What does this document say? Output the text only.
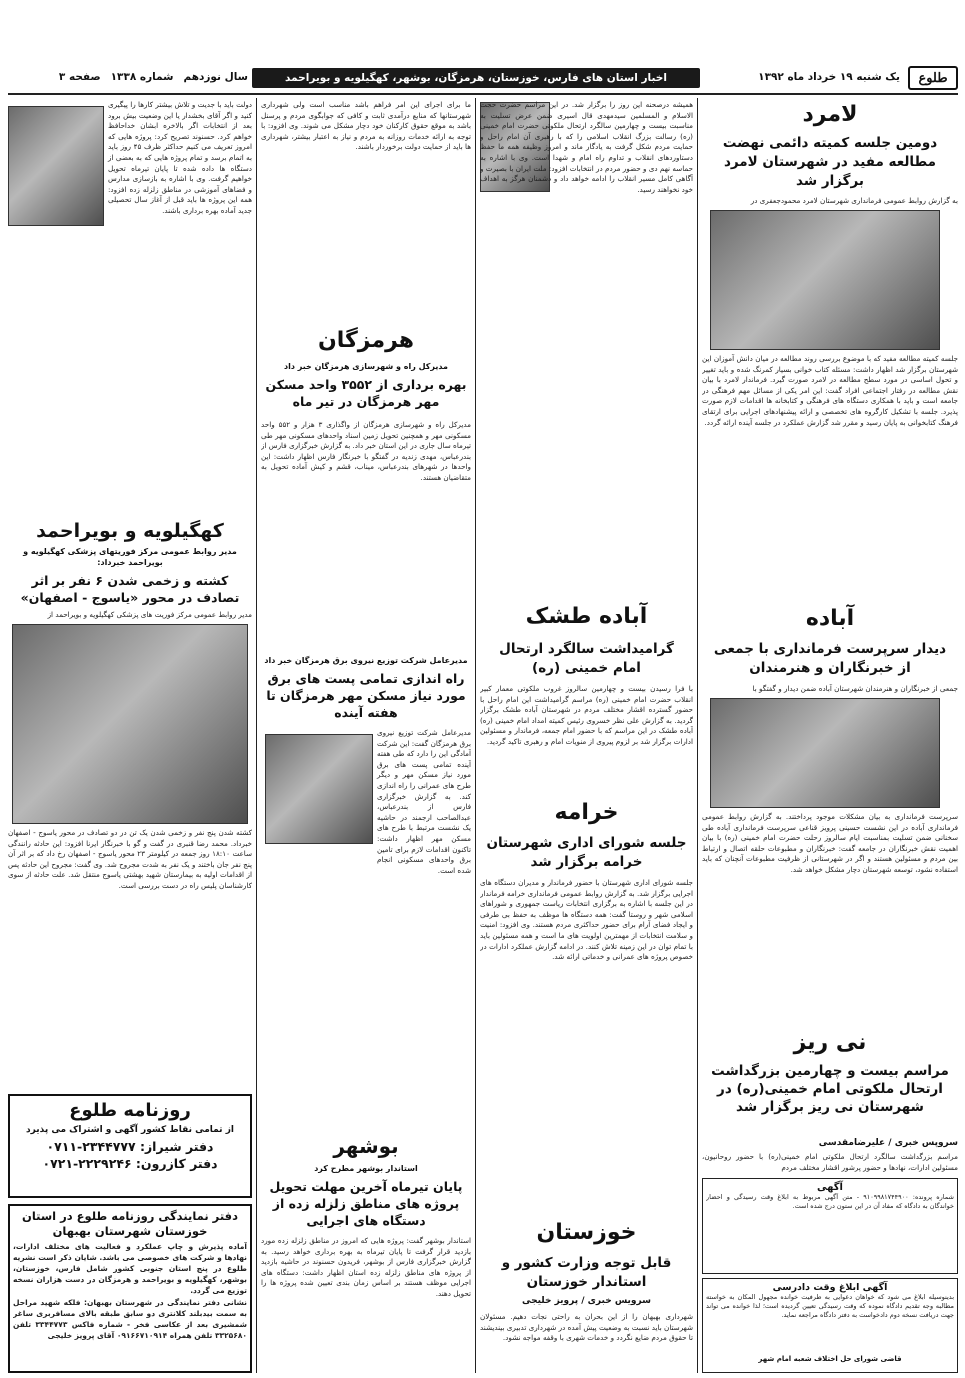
طلوع
یک شنبه ۱۹ خرداد ماه ۱۳۹۲
اخبار استان های فارس، خوزستان، هرمزگان، بوشهر، کهگیلویه و بویراحمد
سال نوزدهم
شماره ۱۳۳۸
صفحه ۳
لامرد
دومین جلسه کمیته دائمی نهضت مطالعه مفید در شهرستان لامرد برگزار شد
به گزارش روابط عمومی فرمانداری شهرستان لامرد محمودجعفری در
جلسه کمیته مطالعه مفید که با موضوع بررسی روند مطالعه در میان دانش آموزان این شهرستان برگزار شد اظهار داشت: مسئله کتاب خوانی بسیار کمرنگ شده و باید تغییر و تحول اساسی در مورد سطح مطالعه در لامرد صورت گیرد. فرماندار لامرد با بیان نقش مطالعه در رفتار اجتماعی افراد گفت: این امر یکی از مسائل مهم فرهنگی در جامعه است و باید با همکاری دستگاه های فرهنگی و کتابخانه ها اقدامات لازم صورت پذیرد. جلسه با تشکیل کارگروه های تخصصی و ارائه پیشنهادهای اجرایی برای ارتقای فرهنگ کتابخوانی به پایان رسید و مقرر شد گزارش عملکرد در جلسه آینده ارائه گردد.
آباده
دیدار سرپرست فرمانداری با جمعی از خبرنگاران و هنرمندان
جمعی از خبرنگاران و هنرمندان شهرستان آباده ضمن دیدار و گفتگو با
سرپرست فرمانداری به بیان مشکلات موجود پرداختند. به گزارش روابط عمومی فرمانداری آباده در این نشست حسینی پرویز قناعی سرپرست فرمانداری آباده طی سخنانی ضمن تسلیت بمناسبت ایام سالروز رحلت حضرت امام خمینی (ره) با بیان اهمیت نقش خبرنگاران در جامعه گفت: خبرنگاران و مطبوعات حلقه اتصال و ارتباط بین مردم و مسئولین هستند و اگر در شهرستانی از ظرفیت مطبوعات آنچنان که باید استفاده نشود، توسعه شهرستان دچار مشکل خواهد شد.
نی ریز
مراسم بیست و چهارمین بزرگداشت ارتحال ملکوتی امام خمینی(ره) در شهرستان نی ریز برگزار شد
سروپس خبری / علیرضامقدسی
مراسم بزرگداشت سالگرد ارتحال ملکوتی امام خمینی(ره) با حضور روحانیون، مسئولین ادارات، نهادها و حضور پرشور اقشار مختلف مردم
آگهی
شماره پرونده: ۹۱۰۹۹۸۱۷۴۴۹۰۰ - متن آگهی مربوط به ابلاغ وقت رسیدگی و احضار خواندگان به دادگاه که مفاد آن در این ستون درج شده است.
آگهی ابلاغ وقت دادرسی
بدینوسیله ابلاغ می شود که خواهان دعوایی به طرفیت خوانده مجهول المکان به خواسته مطالبه وجه تقدیم دادگاه نموده که وقت رسیدگی تعیین گردیده است؛ لذا خوانده می تواند جهت دریافت نسخه دوم دادخواست به دفتر دادگاه مراجعه نماید.
قاضی شورای حل اختلاف شعبه امام شهر
همیشه درصحنه این روز را برگزار شد. در این مراسم حضرت حجت الاسلام و المسلمین سیدمهدی قال اسیری ضمن عرض تسلیت به مناسبت بیست و چهارمین سالگرد ارتحال ملکوتی حضرت امام خمینی (ره) رسالت بزرگ انقلاب اسلامی را که با رهبری آن امام راحل و حمایت مردم شکل گرفت به یادگار ماند و امروز وظیفه همه ما حفظ دستاوردهای انقلاب و تداوم راه امام و شهدا است. وی با اشاره به حماسه نهم دی و حضور مردم در انتخابات افزود: ملت ایران با بصیرت و آگاهی کامل مسیر انقلاب را ادامه خواهد داد و دشمنان هرگز به اهداف خود نخواهند رسید.
آباده طشک
گرامیداشت سالگرد ارتحال امام خمینی (ره)
با فرا رسیدن بیست و چهارمین سالروز غروب ملکوتی معمار کبیر انقلاب حضرت امام خمینی (ره) مراسم گرامیداشت این امام راحل با حضور گسترده اقشار مختلف مردم در شهرستان آباده طشک برگزار گردید. به گزارش علی نظر خسروی رئیس کمیته امداد امام خمینی (ره) آباده طشک در این مراسم که با حضور امام جمعه، فرماندار و مسئولین ادارات برگزار شد بر لزوم پیروی از منویات امام و رهبری تاکید گردید.
خرامه
جلسه شورای اداری شهرستان خرامه برگزار شد
جلسه شورای اداری شهرستان با حضور فرماندار و مدیران دستگاه های اجرایی برگزار شد. به گزارش روابط عمومی فرمانداری خرامه فرماندار در این جلسه با اشاره به برگزاری انتخابات ریاست جمهوری و شوراهای اسلامی شهر و روستا گفت: همه دستگاه ها موظف به حفظ بی طرفی و ایجاد فضای آرام برای حضور حداکثری مردم هستند. وی افزود: امنیت و سلامت انتخابات از مهمترین اولویت های ما است و همه مسئولین باید با تمام توان در این زمینه تلاش کنند. در ادامه گزارش عملکرد ادارات در خصوص پروژه های عمرانی و خدماتی ارائه شد.
خوزستان
قابل توجه وزارت کشور و استاندار خوزستان
سرویس خبری / پرویز خلیجی
شهرداری بهبهان را از این بحران به راحتی نجات دهیم. مسئولان شهرستان باید نسبت به وضعیت پیش آمده در شهرداری تدبیری بیندیشند تا حقوق مردم ضایع نگردد و خدمات شهری با وقفه مواجه نشود.
ما برای اجرای این امر فراهم باشد مناسب است ولی شهرداری شهرستانها که منابع درآمدی ثابت و کافی که جوابگوی مردم و پرسنل باشد به موقع حقوق کارکنان خود دچار مشکل می شوند. وی افزود: با توجه به ارائه خدمات روزانه به مردم و نیاز به اعتبار بیشتر، شهرداری ها باید از حمایت دولت برخوردار باشند.
هرمزگان
مدیرکل راه و شهرسازی هرمزگان خبر داد
بهره برداری از ۳۵۵۲ واحد مسکن مهر هرمزگان در تیر ماه
مدیرکل راه و شهرسازی هرمزگان از واگذاری ۳ هزار و ۵۵۲ واحد مسکونی مهر و همچنین تحویل زمین اسناد واحدهای مسکونی مهر طی تیرماه سال جاری در این استان خبر داد. به گزارش خبرگزاری فارس از بندرعباس، مهدی زندیه در گفتگو با خبرنگار فارس اظهار داشت: این واحدها در شهرهای بندرعباس، میناب، قشم و کیش آماده تحویل به متقاضیان هستند.
مدیرعامل شرکت توزیع نیروی برق هرمزگان خبر داد
راه اندازی تمامی پست های برق مورد نیاز مسکن مهر هرمزگان تا هفته آینده
مدیرعامل شرکت توزیع نیروی برق هرمزگان گفت: این شرکت آمادگی این را دارد که طی هفته آینده تمامی پست های برق مورد نیاز مسکن مهر و دیگر طرح های عمرانی را راه اندازی کند. به گزارش خبرگزاری فارس از بندرعباس، عبدالصاحب ارجمند در حاشیه یک نشست مرتبط با طرح های مسکن مهر اظهار داشت: تاکنون اقدامات لازم برای تامین برق واحدهای مسکونی انجام شده است.
بوشهر
استاندار بوشهر مطرح کرد
پایان تیرماه آخرین مهلت تحویل پروژه های مناطق زلزله زده از دستگاه های اجرایی
استاندار بوشهر گفت: پروژه هایی که امروز در مناطق زلزله زده مورد بازدید قرار گرفت تا پایان تیرماه به بهره برداری خواهد رسید. به گزارش خبرگزاری فارس از بوشهر، فریدون حسنوند در حاشیه بازدید از پروژه های مناطق زلزله زده استان اظهار داشت: دستگاه های اجرایی موظف هستند بر اساس زمان بندی تعیین شده پروژه ها را تحویل دهند.
دولت باید با جدیت و تلاش بیشتر کارها را پیگیری کنید و اگر آقای بخشدار یا این وضعیت بیش برود بعد از انتخابات اگر بالاخره ابشان خداحافظ خواهم کرد. حسنوند تصریح کرد: پروژه هایی که امروز تعریف می کنیم حداکثر ظرف ۴۵ روز باید به اتمام برسد و تمام پروژه هایی که به بعضی از دستگاه ها داده شده تا پایان تیرماه تحویل خواهیم گرفت. وی با اشاره به بازسازی مدارس و فضاهای آموزشی در مناطق زلزله زده افزود: همه این پروژه ها باید قبل از آغاز سال تحصیلی جدید آماده بهره برداری باشند.
کهگیلویه و بویراحمد
مدیر روابط عمومی مرکز فوریتهای پزشکی کهگیلویه و بویراحمد خبرداد:
کشته و زخمی شدن ۶ نفر بر اثر تصادف در محور «یاسوج - اصفهان»
مدیر روابط عمومی مرکز فوریت های پزشکی کهگیلویه و بویراحمد از
کشته شدن پنج نفر و زخمی شدن یک تن در دو تصادف در محور یاسوج - اصفهان خبرداد. محمد رضا قنبری در گفت و گو با خبرنگار ایرنا افزود: این حادثه رانندگی ساعت ۱۸:۱۰ روز جمعه در کیلومتر ۲۳ محور یاسوج - اصفهان رخ داد که بر اثر آن پنج نفر جان باختند و یک نفر به شدت مجروح شد. وی گفت: مجروح این حادثه پس از اقدامات اولیه به بیمارستان شهید بهشتی یاسوج منتقل شد. علت حادثه از سوی کارشناسان پلیس راه در دست بررسی است.
روزنامه طلوع
از تمامی نقاط کشور آگهی و اشتراک می پذیرد
دفتر شیراز: ۲۳۴۴۷۷۷-۰۷۱۱
دفتر کازرون: ۲۲۲۹۲۴۶-۰۷۲۱
دفتر نمایندگی روزنامه طلوع در استان خوزستان شهرستان بهبهان
آماده پذیرش و چاپ عملکرد و فعالیت های مختلف ادارات، نهادها و شرکت های خصوصی می باشد. شایان ذکر است نشریه طلوع در پنج استان جنوبی کشور شامل فارس، خوزستان، بوشهر، کهگیلویه و بویراحمد و هرمزگان در دست هزاران نسخه توزیع می گردد.
نشانی دفتر نمایندگی در شهرستان بهبهان: فلکه شهید مراحل به سمت بیدبلند کلانتری دو سابق طبقه بالای مسافربری ساغر شمشیری بعد از عکاسی فخر - شماره فاکس ۳۳۴۴۷۷۳ تلفن ۳۳۲۵۶۸۰ تلفن همراه ۰۹۱۶۶۷۱۰۹۱۴ آقای پرویز خلیجی
